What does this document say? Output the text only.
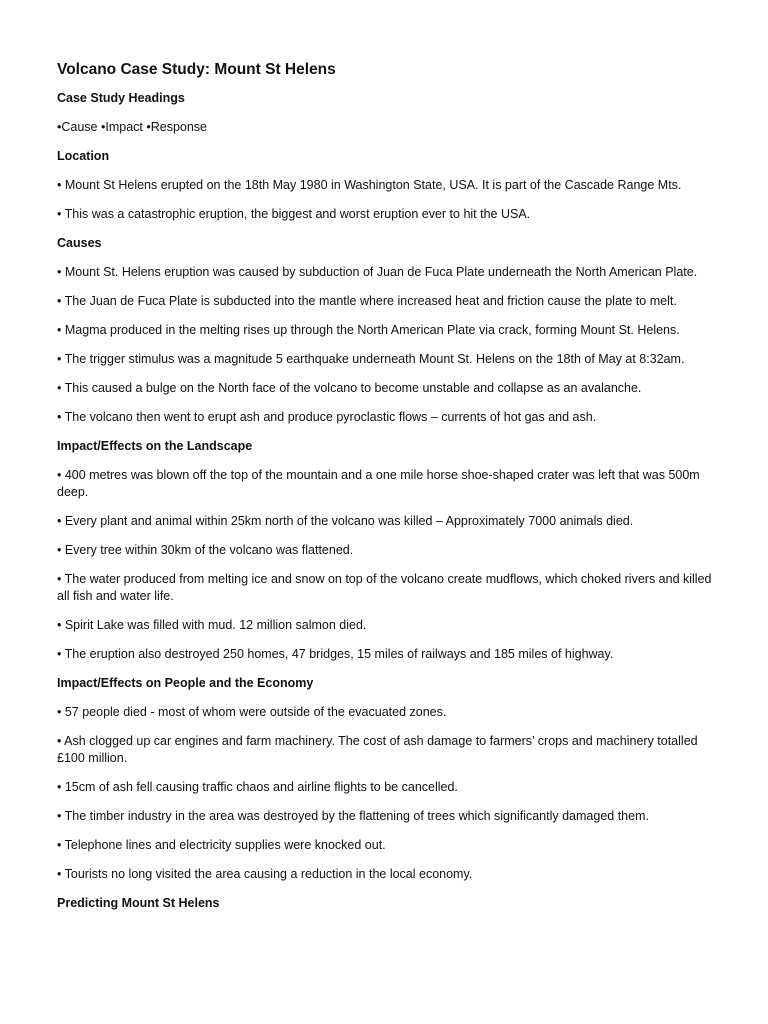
Volcano Case Study: Mount St Helens
Case Study Headings
•Cause •Impact •Response
Location
• Mount St Helens erupted on the 18th May 1980 in Washington State, USA. It is part of the Cascade Range Mts.
• This was a catastrophic eruption, the biggest and worst eruption ever to hit the USA.
Causes
• Mount St. Helens eruption was caused by subduction of Juan de Fuca Plate underneath the North American Plate.
• The Juan de Fuca Plate is subducted into the mantle where increased heat and friction cause the plate to melt.
• Magma produced in the melting rises up through the North American Plate via crack, forming Mount St. Helens.
• The trigger stimulus was a magnitude 5 earthquake underneath Mount St. Helens on the 18th of May at 8:32am.
• This caused a bulge on the North face of the volcano to become unstable and collapse as an avalanche.
• The volcano then went to erupt ash and produce pyroclastic flows – currents of hot gas and ash.
Impact/Effects on the Landscape
• 400 metres was blown off the top of the mountain and a one mile horse shoe-shaped crater was left that was 500m deep.
• Every plant and animal within 25km north of the volcano was killed – Approximately 7000 animals died.
• Every tree within 30km of the volcano was flattened.
• The water produced from melting ice and snow on top of the volcano create mudflows, which choked rivers and killed all fish and water life.
• Spirit Lake was filled with mud. 12 million salmon died.
• The eruption also destroyed 250 homes, 47 bridges, 15 miles of railways and 185 miles of highway.
Impact/Effects on People and the Economy
• 57 people died - most of whom were outside of the evacuated zones.
• Ash clogged up car engines and farm machinery. The cost of ash damage to farmers’ crops and machinery totalled £100 million.
• 15cm of ash fell causing traffic chaos and airline flights to be cancelled.
• The timber industry in the area was destroyed by the flattening of trees which significantly damaged them.
• Telephone lines and electricity supplies were knocked out.
• Tourists no long visited the area causing a reduction in the local economy.
Predicting Mount St Helens
